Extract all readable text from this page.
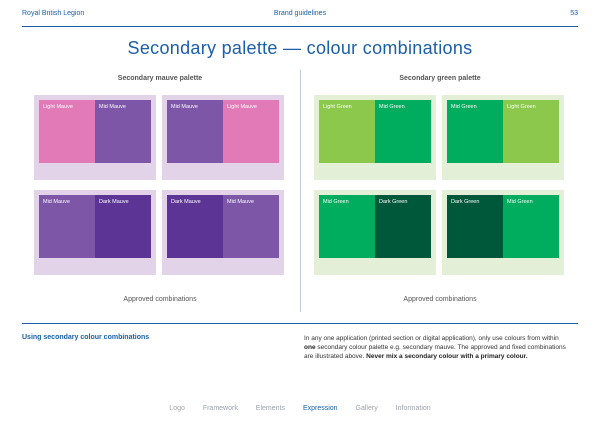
Royal British Legion	Brand guidelines	53
Secondary palette — colour combinations
Secondary mauve palette	Secondary green palette
Light Mauve	Mid Mauve	Mid Mauve	Light Mauve
Mid Mauve	Dark Mauve	Dark Mauve	Mid Mauve
Light Green	Mid Green	Mid Green	Light Green
Mid Green	Dark Green	Dark Green	Mid Green
Approved combinations	Approved combinations
Using secondary colour combinations	In any one application (printed section or digital application), only use colours from within one secondary colour palette e.g. secondary mauve. The approved and fixed combinations are illustrated above. Never mix a secondary colour with a primary colour.
Logo	Framework	Elements	Expression	Gallery	Information
